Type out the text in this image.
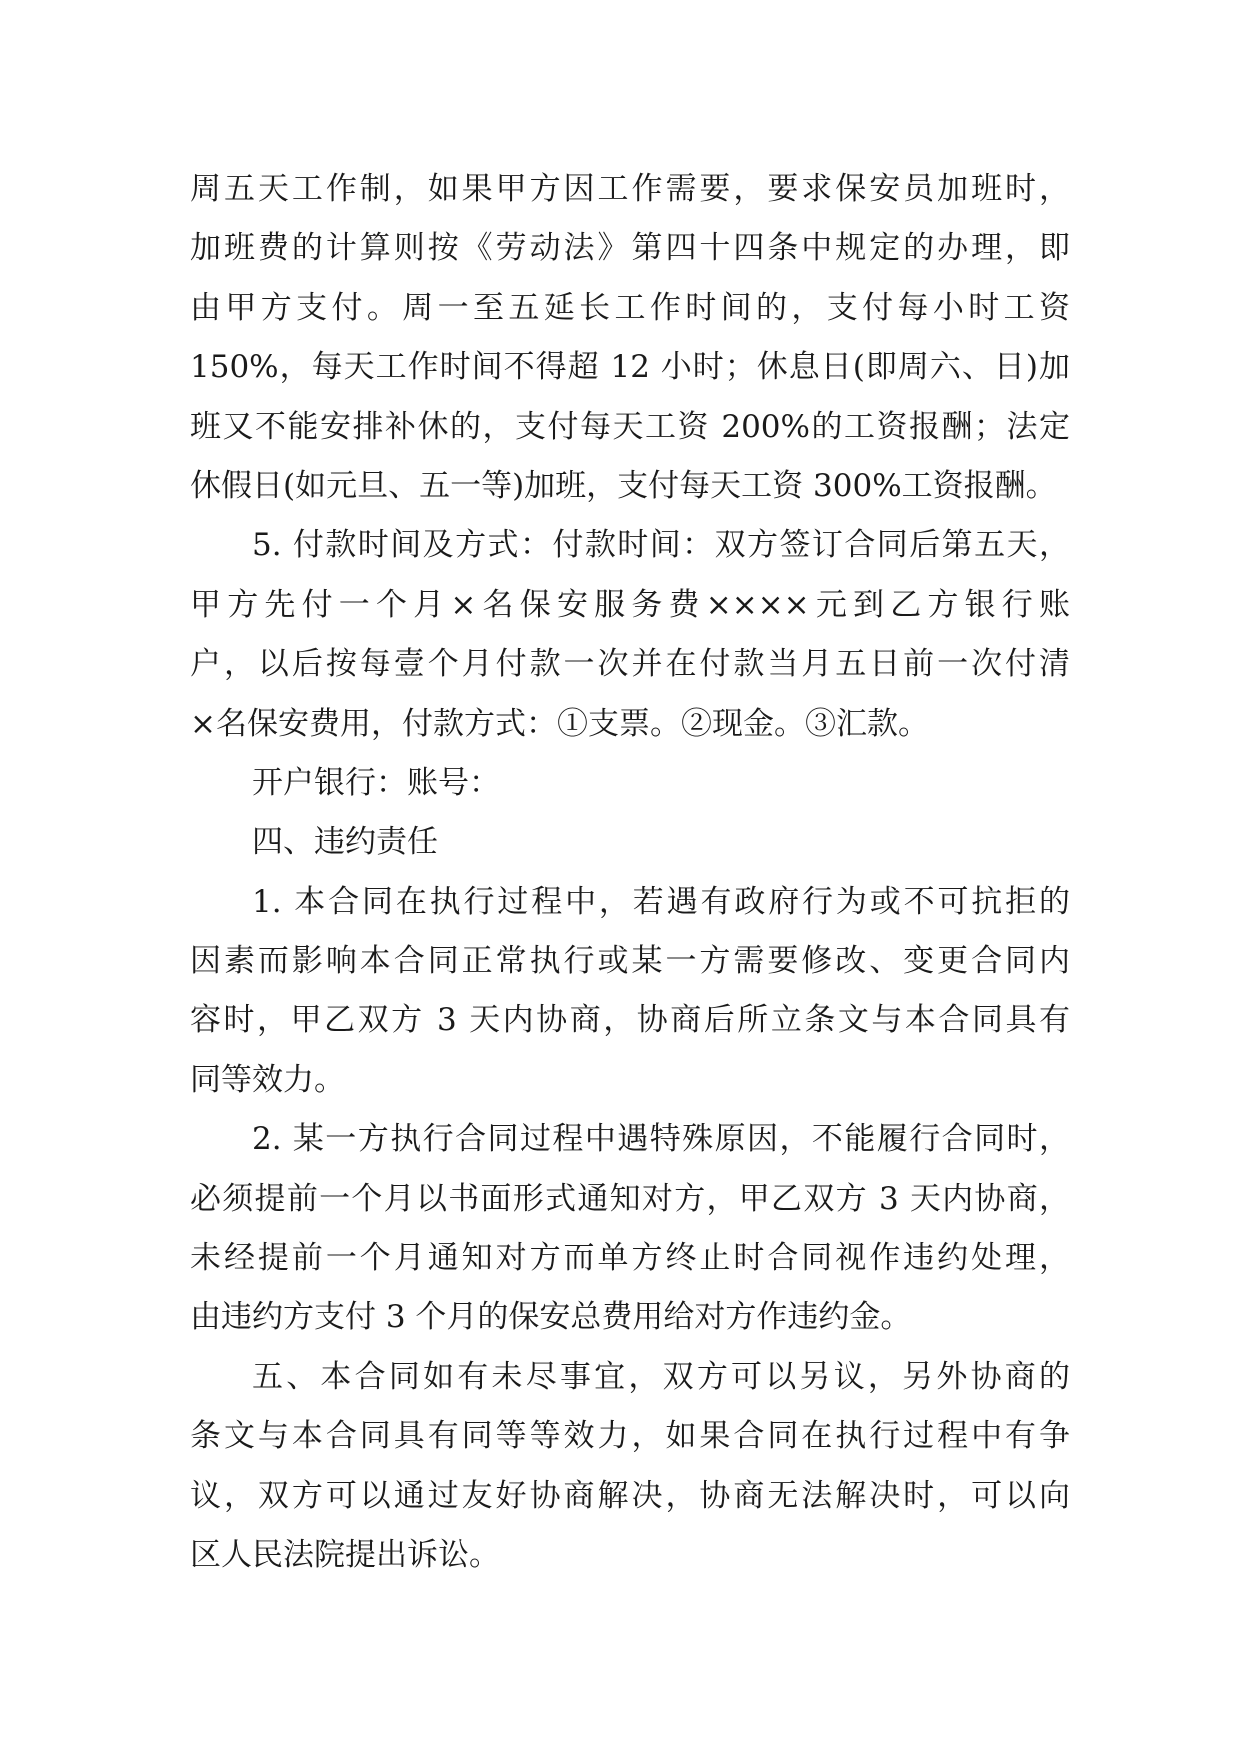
周五天工作制，如果甲方因工作需要，要求保安员加班时，
加班费的计算则按《劳动法》第四十四条中规定的办理，即
由甲方支付。周一至五延长工作时间的，支付每小时工资
150%，每天工作时间不得超 12 小时；休息日(即周六、日)加
班又不能安排补休的，支付每天工资 200%的工资报酬；法定
休假日(如元旦、五一等)加班，支付每天工资 300%工资报酬。
5. 付款时间及方式：付款时间：双方签订合同后第五天，
甲方先付一个月×名保安服务费××××元到乙方银行账
户，以后按每壹个月付款一次并在付款当月五日前一次付清
×名保安费用，付款方式：①支票。②现金。③汇款。
开户银行：账号：
四、违约责任
1. 本合同在执行过程中，若遇有政府行为或不可抗拒的
因素而影响本合同正常执行或某一方需要修改、变更合同内
容时，甲乙双方 3 天内协商，协商后所立条文与本合同具有
同等效力。
2. 某一方执行合同过程中遇特殊原因，不能履行合同时，
必须提前一个月以书面形式通知对方，甲乙双方 3 天内协商，
未经提前一个月通知对方而单方终止时合同视作违约处理，
由违约方支付 3 个月的保安总费用给对方作违约金。
五、本合同如有未尽事宜，双方可以另议，另外协商的
条文与本合同具有同等等效力，如果合同在执行过程中有争
议，双方可以通过友好协商解决，协商无法解决时，可以向
区人民法院提出诉讼。
